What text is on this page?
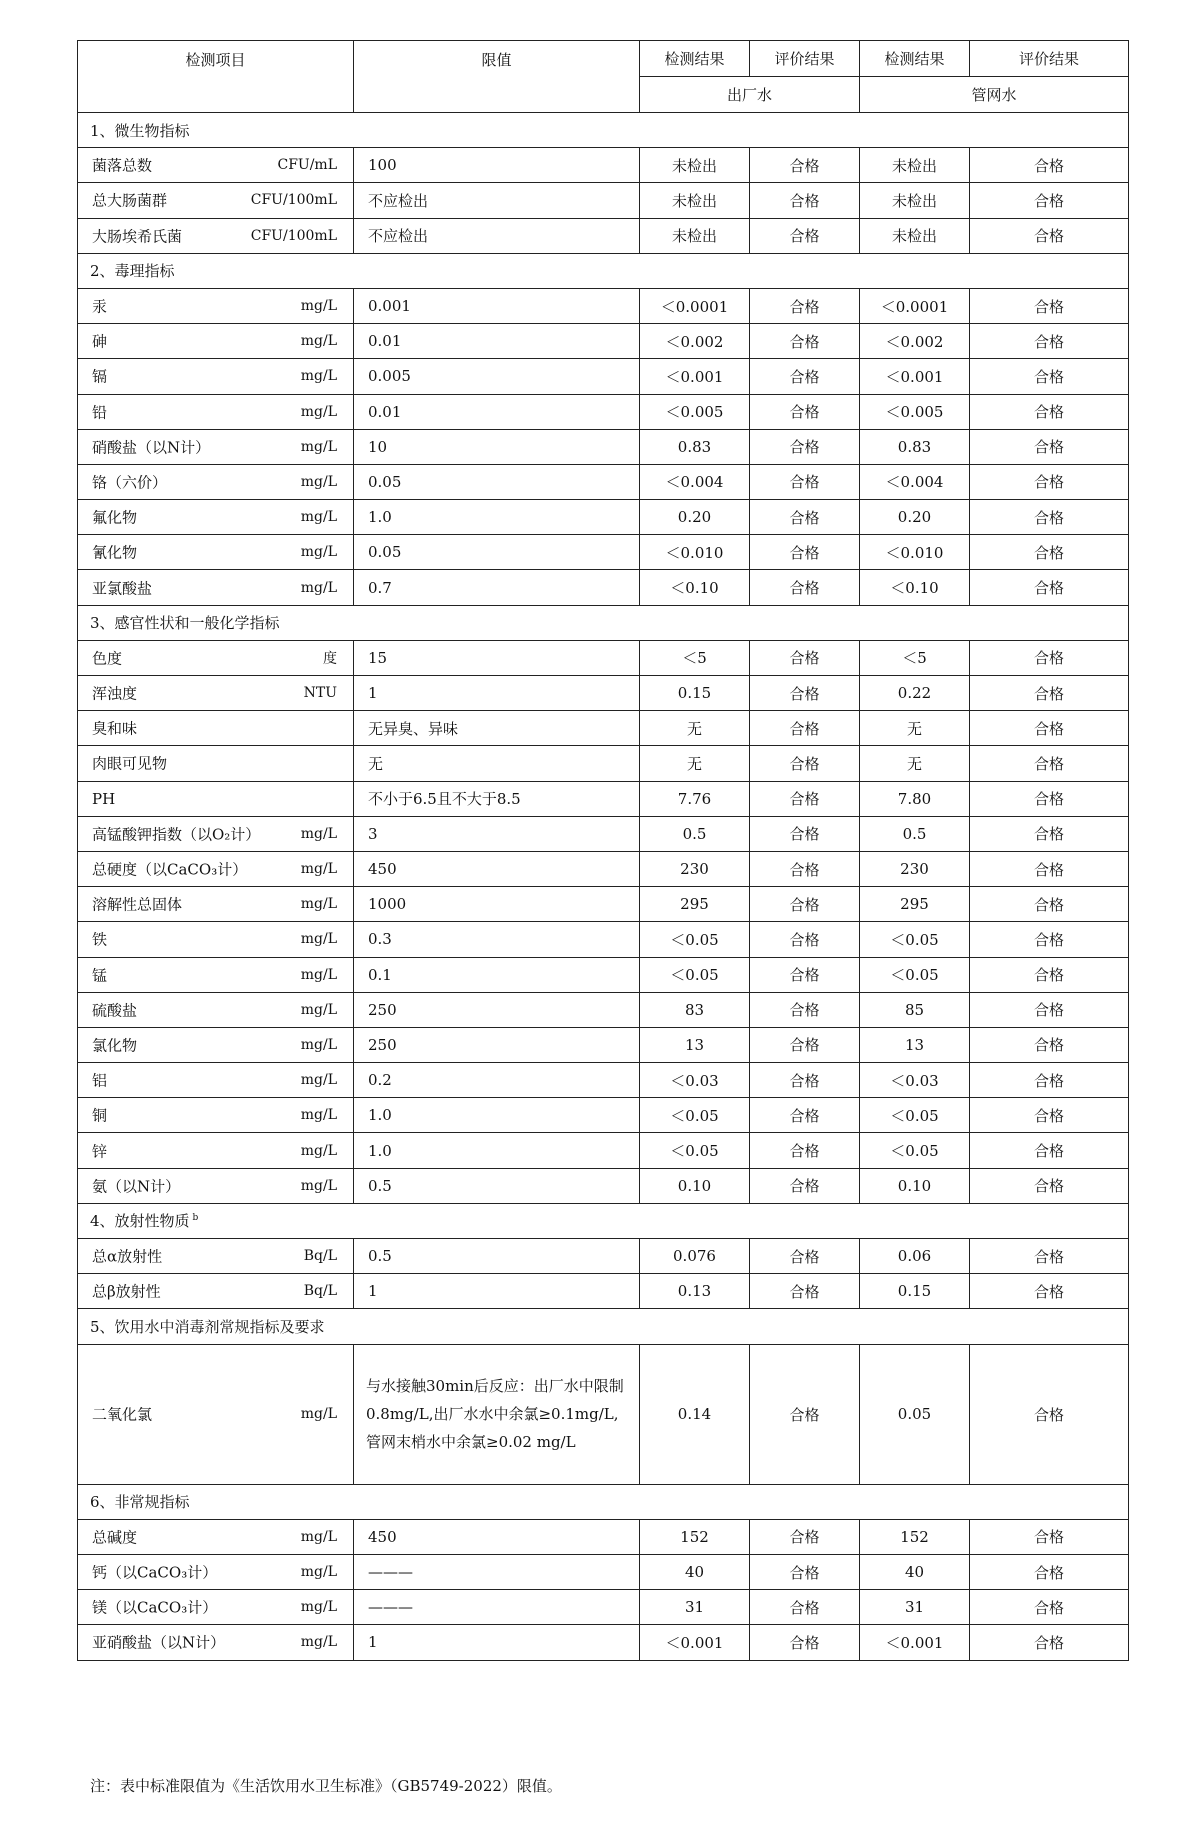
检测项目	限值	检测结果	评价结果	检测结果	评价结果
		出厂水		管网水	
1、微生物指标					

菌落总数 CFU/mL	100	未检出	合格	未检出	合格

总大肠菌群 CFU/100mL	不应检出	未检出	合格	未检出	合格

大肠埃希氏菌 CFU/100mL	不应检出	未检出	合格	未检出	合格
2、毒理指标					

汞 mg/L	0.001	＜0.0001	合格	＜0.0001	合格

砷 mg/L	0.01	＜0.002	合格	＜0.002	合格

镉 mg/L	0.005	＜0.001	合格	＜0.001	合格

铅 mg/L	0.01	＜0.005	合格	＜0.005	合格

硝酸盐（以N计） mg/L	10	0.83	合格	0.83	合格

铬（六价） mg/L	0.05	＜0.004	合格	＜0.004	合格

氟化物 mg/L	1.0	0.20	合格	0.20	合格

氰化物 mg/L	0.05	＜0.010	合格	＜0.010	合格

亚氯酸盐 mg/L	0.7	＜0.10	合格	＜0.10	合格
3、感官性状和一般化学指标					

色度 度	15	＜5	合格	＜5	合格

浑浊度 NTU	1	0.15	合格	0.22	合格

臭和味	无异臭、异味	无	合格	无	合格

肉眼可见物	无	无	合格	无	合格

PH	不小于6.5且不大于8.5	7.76	合格	7.80	合格

高锰酸钾指数（以O₂计） mg/L	3	0.5	合格	0.5	合格

总硬度（以CaCO₃计） mg/L	450	230	合格	230	合格

溶解性总固体 mg/L	1000	295	合格	295	合格

铁 mg/L	0.3	＜0.05	合格	＜0.05	合格

锰 mg/L	0.1	＜0.05	合格	＜0.05	合格

硫酸盐 mg/L	250	83	合格	85	合格

氯化物 mg/L	250	13	合格	13	合格

铝 mg/L	0.2	＜0.03	合格	＜0.03	合格

铜 mg/L	1.0	＜0.05	合格	＜0.05	合格

锌 mg/L	1.0	＜0.05	合格	＜0.05	合格

氨（以N计） mg/L	0.5	0.10	合格	0.10	合格
4、放射性物质 $^b$

总α放射性 Bq/L	0.5	0.076	合格	0.06	合格

总β放射性 Bq/L	1	0.13	合格	0.15	合格
5、饮用水中消毒剂常规指标及要求					

二氧化氯 mg/L	与水接触30min后反应：出厂水中限制0.8mg/L,出厂水水中余氯≥0.1mg/L,管网末梢水中余氯≥0.02 mg/L	0.14	合格	0.05	合格
6、非常规指标					

总碱度 mg/L	450	152	合格	152	合格

钙（以CaCO₃计） mg/L	———	40	合格	40	合格

镁（以CaCO₃计） mg/L	———	31	合格	31	合格

亚硝酸盐（以N计） mg/L	1	＜0.001	合格	＜0.001	合格
注：表中标准限值为《生活饮用水卫生标准》（GB5749-2022）限值。
